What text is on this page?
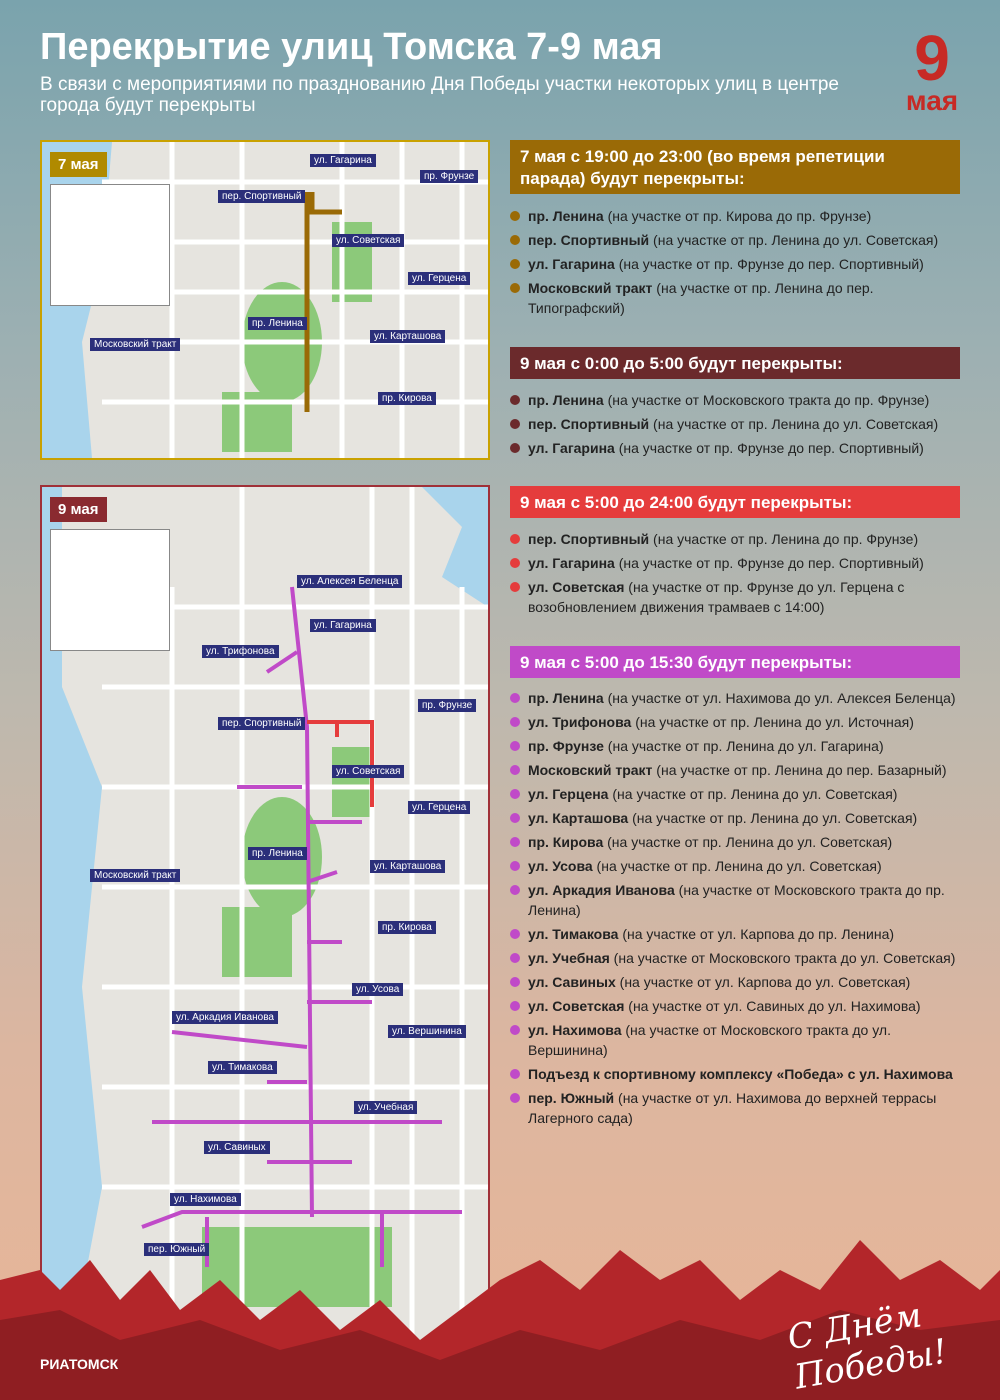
Перекрытие улиц Томска 7-9 мая

В связи с мероприятиями по празднованию Дня Победы участки некоторых улиц в центре города будут перекрыты

9
мая
7 мая	ул. Гагарина
пр. Фрунзе
пер. Спортивный
ул. Советская
ул. Герцена
пр. Ленина
ул. Карташова
Московский тракт
пр. Кирова
9 мая
ул. Алексея Беленца
ул. Гагарина
ул. Трифонова
пер. Спортивный
пр. Фрунзе
ул. Советская
ул. Герцена
пр. Ленина
ул. Карташова
Московский тракт
пр. Кирова
ул. Усова
ул. Аркадия Иванова
ул. Вершинина
ул. Тимакова
ул. Учебная
ул. Савиных
ул. Нахимова
пер. Южный
7 мая с 19:00 до 23:00 (во время репетиции парада) будут перекрыты:
9 мая с 0:00 до 5:00 будут перекрыты:
9 мая с 5:00 до 24:00 будут перекрыты:
9 мая с 5:00 до 15:30 будут перекрыты:
пр. Ленина (на участке от пр. Кирова до пр. Фрунзе)
пер. Спортивный (на участке от пр. Ленина до ул. Советская)
ул. Гагарина (на участке от пр. Фрунзе до пер. Спортивный)
Московский тракт (на участке от пр. Ленина до пер. Типографский)
пр. Ленина (на участке от Московского тракта до пр. Фрунзе)
пер. Спортивный (на участке от пр. Ленина до ул. Советская)
ул. Гагарина (на участке от пр. Фрунзе до пер. Спортивный)
пер. Спортивный (на участке от пр. Ленина до пр. Фрунзе)
ул. Гагарина (на участке от пр. Фрунзе до пер. Спортивный)
ул. Советская (на участке от пр. Фрунзе до ул. Герцена с возобновлением движения трамваев с 14:00)
пр. Ленина (на участке от ул. Нахимова до ул. Алексея Беленца)
ул. Трифонова (на участке от пр. Ленина до ул. Источная)
пр. Фрунзе (на участке от пр. Ленина до ул. Гагарина)
Московский тракт (на участке от пр. Ленина до пер. Базарный)
ул. Герцена (на участке от пр. Ленина до ул. Советская)
ул. Карташова (на участке от пр. Ленина до ул. Советская)
пр. Кирова (на участке от пр. Ленина до ул. Советская)
ул. Усова (на участке от пр. Ленина до ул. Советская)
ул. Аркадия Иванова (на участке от Московского тракта до пр. Ленина)
ул. Тимакова (на участке от ул. Карпова до пр. Ленина)
ул. Учебная (на участке от Московского тракта до ул. Советская)
ул. Савиных (на участке от ул. Карпова до ул. Советская)
ул. Советская (на участке от ул. Савиных до ул. Нахимова)
ул. Нахимова (на участке от Московского тракта до ул. Вершинина)
Подъезд к спортивному комплексу «Победа» с ул. Нахимова
пер. Южный (на участке от ул. Нахимова до верхней террасы Лагерного сада)
РИАТОМСК
С Днём Победы!
